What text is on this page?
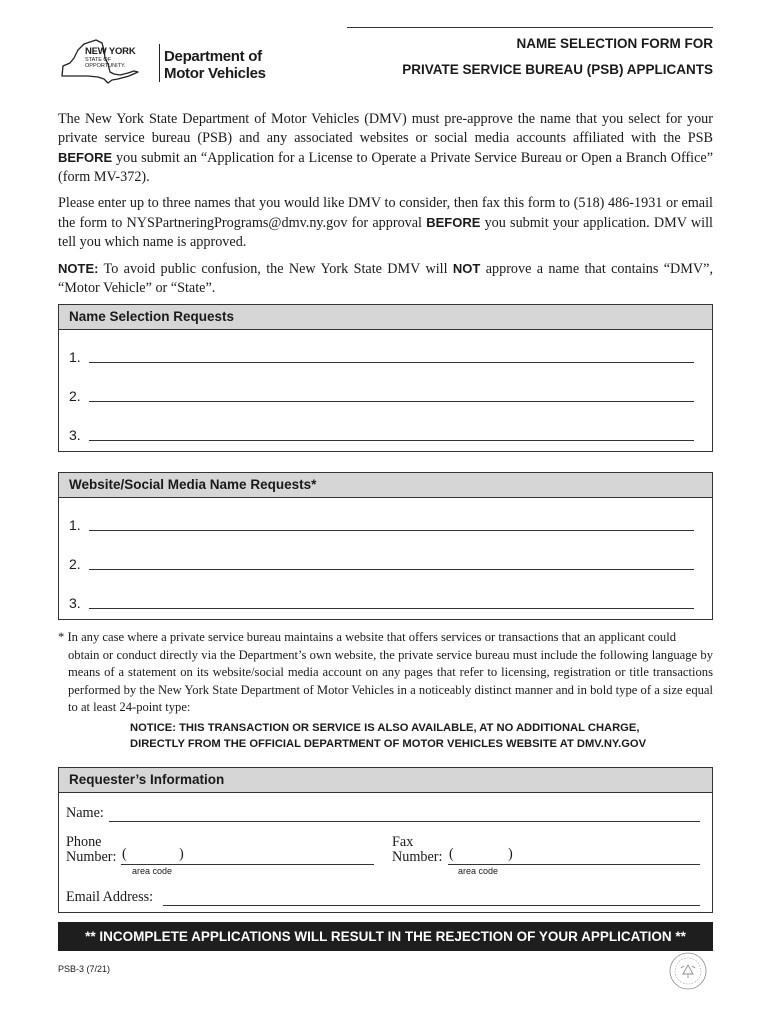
NEW YORK
STATE OF
OPPORTUNITY.
Department of
Motor Vehicles
NAME SELECTION FORM FOR
PRIVATE SERVICE BUREAU (PSB) APPLICANTS
The New York State Department of Motor Vehicles (DMV) must pre-approve the name that you select for your private service bureau (PSB) and any associated websites or social media accounts affiliated with the PSB BEFORE you submit an “Application for a License to Operate a Private Service Bureau or Open a Branch Office” (form MV-372).
Please enter up to three names that you would like DMV to consider, then fax this form to (518) 486-1931 or email the form to NYSPartneringPrograms@dmv.ny.gov for approval BEFORE you submit your application. DMV will tell you which name is approved.
NOTE: To avoid public confusion, the New York State DMV will NOT approve a name that contains “DMV”, “Motor Vehicle” or “State”.
Name Selection Requests
1.
2.
3.
Website/Social Media Name Requests*
1.
2.
3.
* In any case where a private service bureau maintains a website that offers services or transactions that an applicant could
obtain or conduct directly via the Department’s own website, the private service bureau must include the following language by means of a statement on its website/social media account on any pages that refer to licensing, registration or title transactions performed by the New York State Department of Motor Vehicles in a noticeably distinct manner and in bold type of a size equal to at least 24-point type:
NOTICE: THIS TRANSACTION OR SERVICE IS ALSO AVAILABLE, AT NO ADDITIONAL CHARGE,
DIRECTLY FROM THE OFFICIAL DEPARTMENT OF MOTOR VEHICLES WEBSITE AT DMV.NY.GOV
Requester’s Information
Name:
Phone
Number: (	)
area code
Fax
Number: (	)
area code
Email Address:
** INCOMPLETE APPLICATIONS WILL RESULT IN THE REJECTION OF YOUR APPLICATION **
PSB-3 (7/21)
